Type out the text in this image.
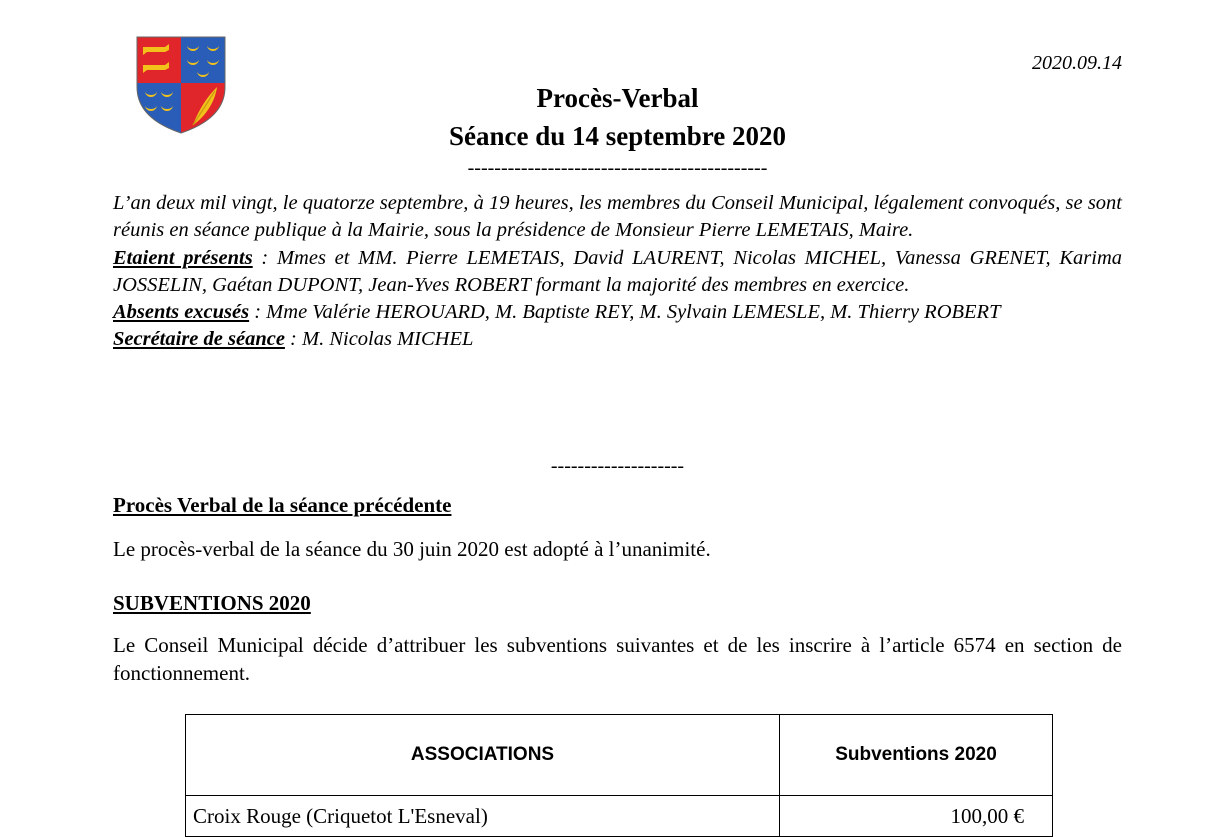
2020.09.14
Procès-Verbal
Séance du 14 septembre 2020
---------------------------------------------

L’an deux mil vingt, le quatorze septembre, à 19 heures, les membres du Conseil Municipal, légalement convoqués, se sont réunis en séance publique à la Mairie, sous la présidence de Monsieur Pierre LEMETAIS, Maire.

Etaient présents : Mmes et MM. Pierre LEMETAIS, David LAURENT, Nicolas MICHEL, Vanessa GRENET, Karima JOSSELIN, Gaétan DUPONT, Jean-Yves ROBERT formant la majorité des membres en exercice.

Absents excusés : Mme Valérie HEROUARD, M. Baptiste REY, M. Sylvain LEMESLE, M. Thierry ROBERT

Secrétaire de séance : M. Nicolas MICHEL

--------------------
Procès Verbal de la séance précédente
Le procès-verbal de la séance du 30 juin 2020 est adopté à l’unanimité.
SUBVENTIONS 2020
Le Conseil Municipal décide d’attribuer les subventions suivantes et de les inscrire à l’article 6574 en section de fonctionnement.
ASSOCIATIONS	Subventions 2020
Croix Rouge (Criquetot L'Esneval)	100,00 €
